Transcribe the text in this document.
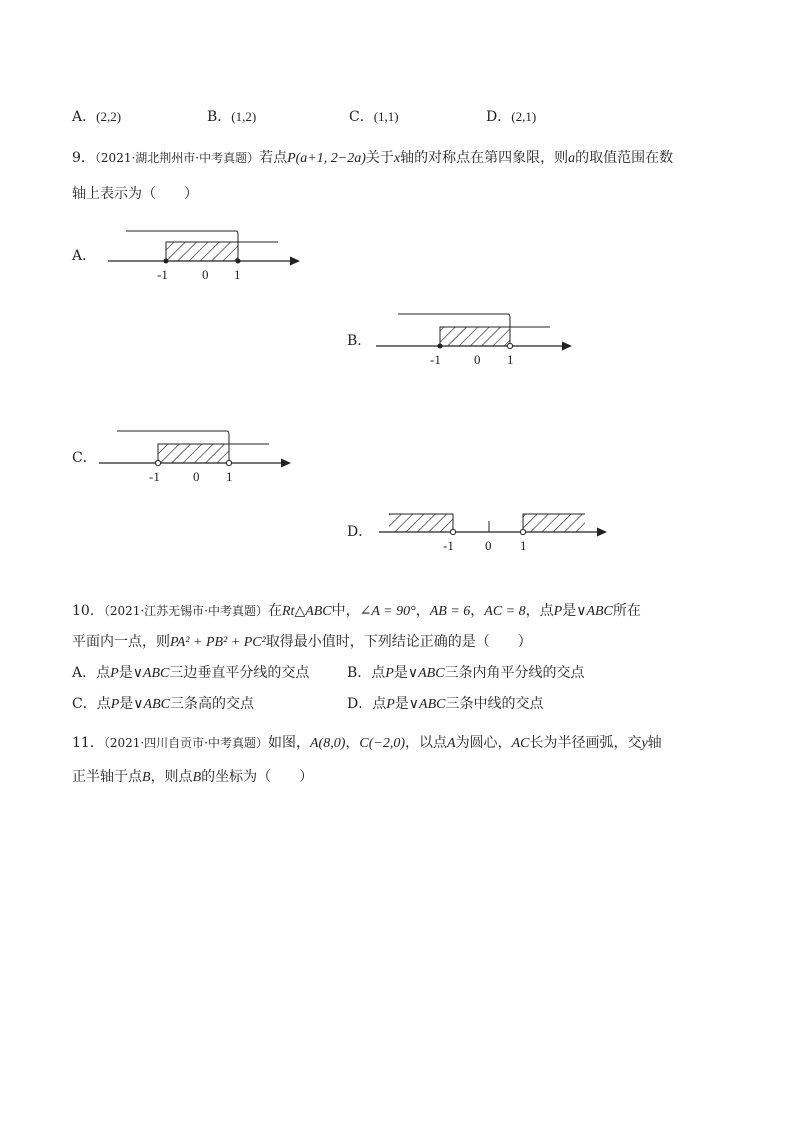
A．(2,2)	B．(1,2)	C．(1,1)	D．(2,1)
9．（2021·湖北荆州市·中考真题）若点P(a+1, 2−2a)关于x轴的对称点在第四象限，则a的取值范围在数
轴上表示为（　　）
A．
-1	0 1
B．
-1	0 1
C．
-1	0 1
D．
-1 0 1
10．（2021·江苏无锡市·中考真题）在Rt△ABC中，∠A = 90°，AB = 6，AC = 8，点P是∨ABC所在
平面内一点，则PA² + PB² + PC²取得最小值时，下列结论正确的是（　　）
A．点P是∨ABC三边垂直平分线的交点	B．点P是∨ABC三条内角平分线的交点
C．点P是∨ABC三条高的交点	D．点P是∨ABC三条中线的交点
11．（2021·四川自贡市·中考真题）如图，A(8,0)，C(−2,0)，以点A为圆心，AC长为半径画弧，交y轴
正半轴于点B，则点B的坐标为（　　）
